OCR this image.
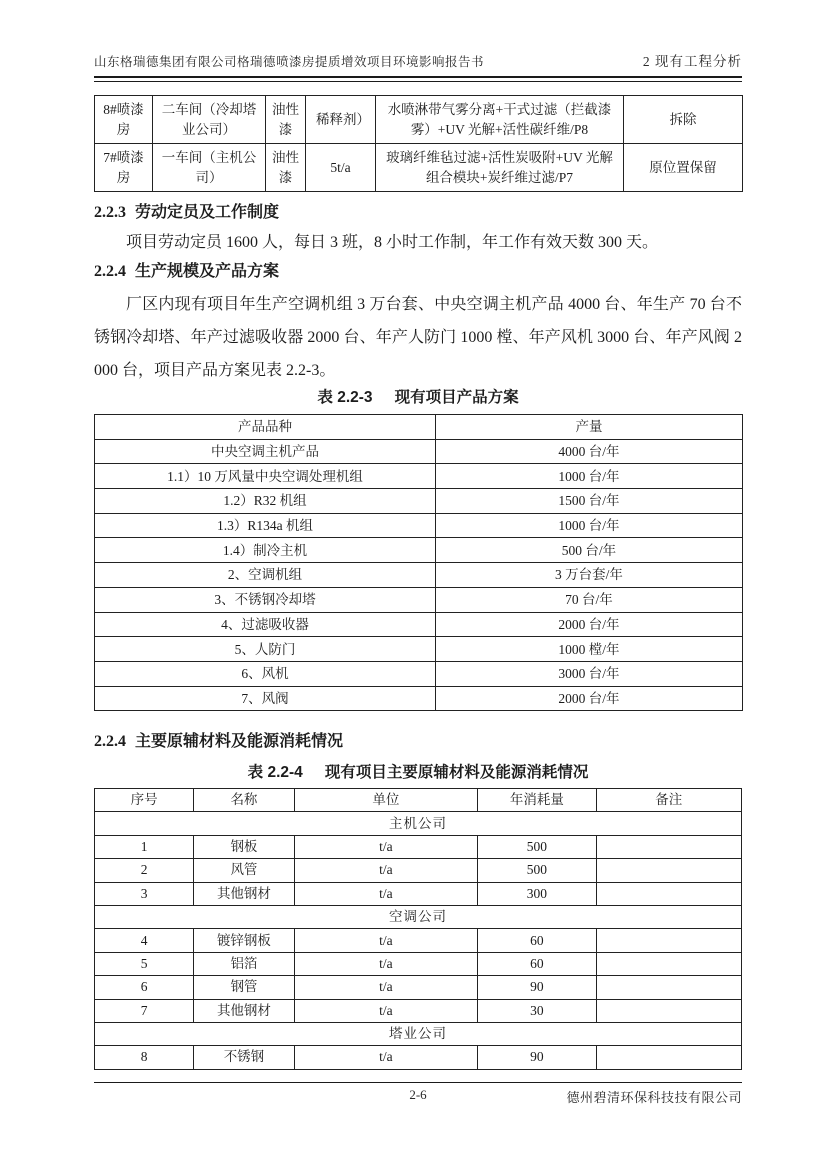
山东格瑞德集团有限公司格瑞德喷漆房提质增效项目环境影响报告书	2 现有工程分析
8#喷漆房	二车间（冷却塔业公司）	油性漆	稀释剂）	水喷淋带气雾分离+干式过滤（拦截漆雾）+UV 光解+活性碳纤维/P8	拆除
7#喷漆房	一车间（主机公司）	油性漆	5t/a	玻璃纤维毡过滤+活性炭吸附+UV 光解组合模块+炭纤维过滤/P7	原位置保留
2.2.3 劳动定员及工作制度
项目劳动定员 1600 人，每日 3 班，8 小时工作制，年工作有效天数 300 天。
2.2.4 生产规模及产品方案
厂区内现有项目年生产空调机组 3 万台套、中央空调主机产品 4000 台、年生产 70 台不锈钢冷却塔、年产过滤吸收器 2000 台、年产人防门 1000 樘、年产风机 3000 台、年产风阀 2000 台，项目产品方案见表 2.2-3。
表 2.2-3 现有项目产品方案
产品品种	产量
中央空调主机产品	4000 台/年
1.1）10 万风量中央空调处理机组	1000 台/年
1.2）R32 机组	1500 台/年
1.3）R134a 机组	1000 台/年
1.4）制冷主机	500 台/年
2、空调机组	3 万台套/年
3、不锈钢冷却塔	70 台/年
4、过滤吸收器	2000 台/年
5、人防门	1000 樘/年
6、风机	3000 台/年
7、风阀	2000 台/年
2.2.4 主要原辅材料及能源消耗情况
表 2.2-4 现有项目主要原辅材料及能源消耗情况
序号	名称	单位	年消耗量	备注
主机公司				
1	钢板	t/a	500	
2	风管	t/a	500	
3	其他钢材	t/a	300	
空调公司				
4	镀锌钢板	t/a	60	
5	铝箔	t/a	60	
6	钢管	t/a	90	
7	其他钢材	t/a	30	
塔业公司				
8	不锈钢	t/a	90	
2-6	德州碧清环保科技技有限公司
